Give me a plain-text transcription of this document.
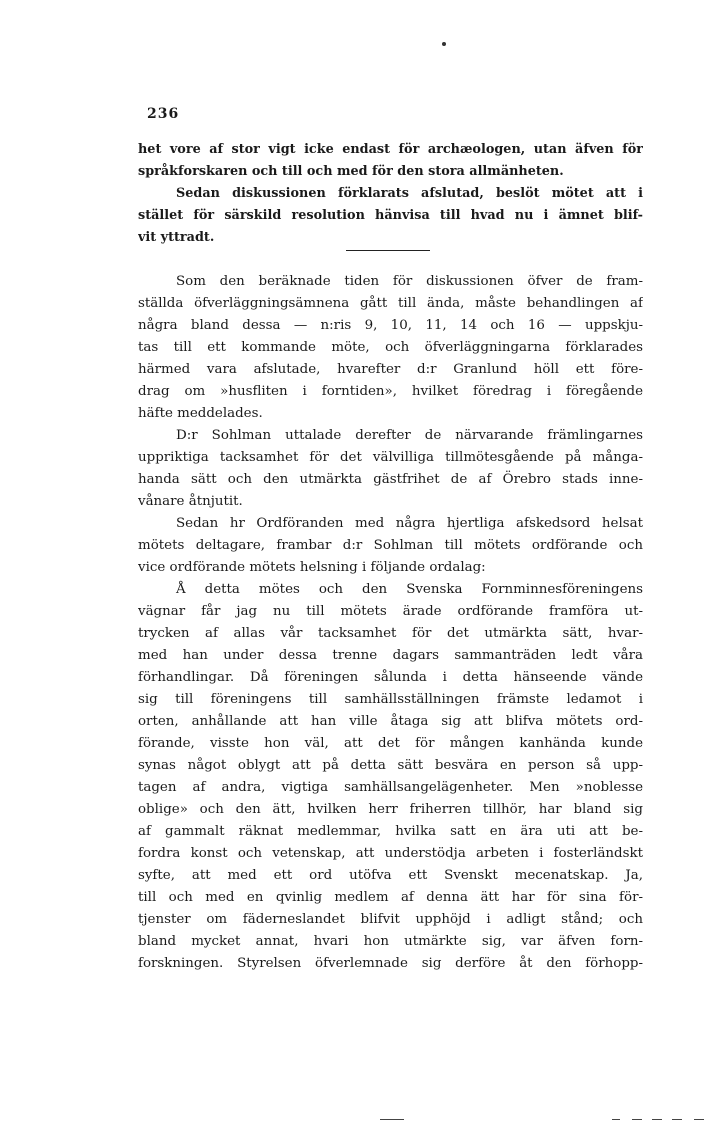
236
het vore af stor vigt icke endast för archæologen, utan äfven för
språkforskaren och till och med för den stora allmänheten.
Sedan diskussionen förklarats afslutad, beslöt mötet att i
stället för särskild resolution hänvisa till hvad nu i ämnet blif-
vit yttradt.
Som den beräknade tiden för diskussionen öfver de fram-
ställda öfverläggningsämnena gått till ända, måste behandlingen af
några bland dessa — n:ris 9, 10, 11, 14 och 16 — uppskju-
tas till ett kommande möte, och öfverläggningarna förklarades
härmed vara afslutade, hvarefter d:r Granlund höll ett före-
drag om »husfliten i forntiden», hvilket föredrag i föregående
häfte meddelades.
D:r Sohlman uttalade derefter de närvarande främlingarnes
uppriktiga tacksamhet för det välvilliga tillmötesgående på många-
handa sätt och den utmärkta gästfrihet de af Örebro stads inne-
vånare åtnjutit.
Sedan hr Ordföranden med några hjertliga afskedsord helsat
mötets deltagare, frambar d:r Sohlman till mötets ordförande och
vice ordförande mötets helsning i följande ordalag:
Å detta mötes och den Svenska Fornminnesföreningens
vägnar får jag nu till mötets ärade ordförande framföra ut-
trycken af allas vår tacksamhet för det utmärkta sätt, hvar-
med han under dessa trenne dagars sammanträden ledt våra
förhandlingar. Då föreningen sålunda i detta hänseende vände
sig till föreningens till samhällsställningen främste ledamot i
orten, anhållande att han ville åtaga sig att blifva mötets ord-
förande, visste hon väl, att det för mången kanhända kunde
synas något oblygt att på detta sätt besvära en person så upp-
tagen af andra, vigtiga samhällsangelägenheter. Men »noblesse
oblige» och den ätt, hvilken herr friherren tillhör, har bland sig
af gammalt räknat medlemmar, hvilka satt en ära uti att be-
fordra konst och vetenskap, att understödja arbeten i fosterländskt
syfte, att med ett ord utöfva ett Svenskt mecenatskap. Ja,
till och med en qvinlig medlem af denna ätt har för sina för-
tjenster om fäderneslandet blifvit upphöjd i adligt stånd; och
bland mycket annat, hvari hon utmärkte sig, var äfven forn-
forskningen. Styrelsen öfverlemnade sig derföre åt den förhopp-
